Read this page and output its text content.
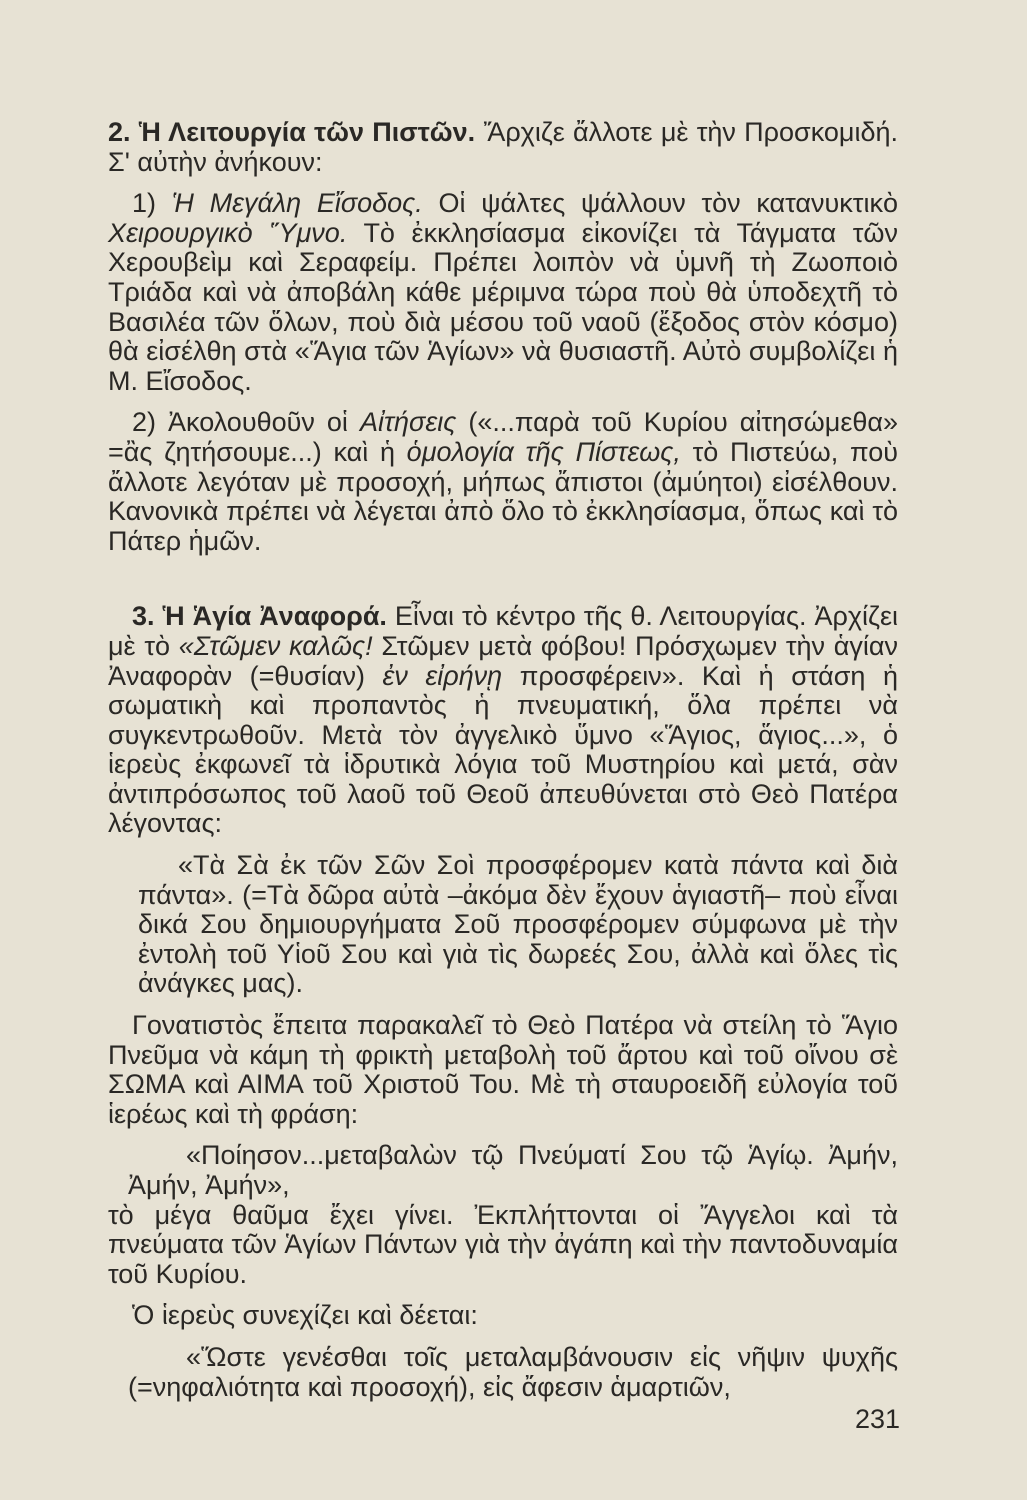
2. Ἡ Λειτουργία τῶν Πιστῶν. Ἄρχιζε ἄλλοτε μὲ τὴν Προσκομιδή. Σ' αὐτὴν ἀνήκουν:

1) Ἡ Μεγάλη Εἴσοδος. Οἱ ψάλτες ψάλλουν τὸν κατανυκτικὸ Χειρουργικὸ Ὕμνο. Τὸ ἐκκλησίασμα εἰκονίζει τὰ Τάγματα τῶν Χερουβεὶμ καὶ Σεραφείμ. Πρέπει λοιπὸν νὰ ὑμνῆ τὴ Ζωοποιὸ Τριάδα καὶ νὰ ἀποβάλη κάθε μέριμνα τώρα ποὺ θὰ ὑποδεχτῆ τὸ Βασιλέα τῶν ὅλων, ποὺ διὰ μέσου τοῦ ναοῦ (ἔξοδος στὸν κόσμο) θὰ εἰσέλθη στὰ «Ἅγια τῶν Ἁγίων» νὰ θυσιαστῆ. Αὐτὸ συμβολίζει ἡ Μ. Εἴσοδος.

2) Ἀκολουθοῦν οἱ Αἰτήσεις («...παρὰ τοῦ Κυρίου αἰτησώμεθα» =ἂς ζητήσουμε...) καὶ ἡ ὁμολογία τῆς Πίστεως, τὸ Πιστεύω, ποὺ ἄλλοτε λεγόταν μὲ προσοχή, μήπως ἄπιστοι (ἀμύητοι) εἰσέλθουν. Κανονικὰ πρέπει νὰ λέγεται ἀπὸ ὅλο τὸ ἐκκλησίασμα, ὅπως καὶ τὸ Πάτερ ἡμῶν.

3. Ἡ Ἁγία Ἀναφορά. Εἶναι τὸ κέντρο τῆς θ. Λειτουργίας. Ἀρχίζει μὲ τὸ «Στῶμεν καλῶς! Στῶμεν μετὰ φόβου! Πρόσχωμεν τὴν ἁγίαν Ἀναφορὰν (=θυσίαν) ἐν εἰρήνῃ προσφέρειν». Καὶ ἡ στάση ἡ σωματικὴ καὶ προπαντὸς ἡ πνευματική, ὅλα πρέπει νὰ συγκεντρωθοῦν. Μετὰ τὸν ἀγγελικὸ ὕμνο «Ἅγιος, ἅγιος...», ὁ ἱερεὺς ἐκφωνεῖ τὰ ἱδρυτικὰ λόγια τοῦ Μυστηρίου καὶ μετά, σὰν ἀντιπρόσωπος τοῦ λαοῦ τοῦ Θεοῦ ἀπευθύνεται στὸ Θεὸ Πατέρα λέγοντας:

«Τὰ Σὰ ἐκ τῶν Σῶν Σοὶ προσφέρομεν κατὰ πάντα καὶ διὰ πάντα». (=Τὰ δῶρα αὐτὰ –ἀκόμα δὲν ἔχουν ἁγιαστῆ– ποὺ εἶναι δικά Σου δημιουργήματα Σοῦ προσφέρομεν σύμφωνα μὲ τὴν ἐντολὴ τοῦ Υἱοῦ Σου καὶ γιὰ τὶς δωρεές Σου, ἀλλὰ καὶ ὅλες τὶς ἀνάγκες μας).

Γονατιστὸς ἔπειτα παρακαλεῖ τὸ Θεὸ Πατέρα νὰ στείλη τὸ Ἅγιο Πνεῦμα νὰ κάμη τὴ φρικτὴ μεταβολὴ τοῦ ἄρτου καὶ τοῦ οἴνου σὲ ΣΩΜΑ καὶ ΑΙΜΑ τοῦ Χριστοῦ Του. Μὲ τὴ σταυροειδῆ εὐλογία τοῦ ἱερέως καὶ τὴ φράση:

«Ποίησον...μεταβαλὼν τῷ Πνεύματί Σου τῷ Ἁγίῳ. Ἀμήν, Ἀμήν, Ἀμήν»,

τὸ μέγα θαῦμα ἔχει γίνει. Ἐκπλήττονται οἱ Ἄγγελοι καὶ τὰ πνεύματα τῶν Ἁγίων Πάντων γιὰ τὴν ἀγάπη καὶ τὴν παντοδυναμία τοῦ Κυρίου.

Ὁ ἱερεὺς συνεχίζει καὶ δέεται:

«Ὥστε γενέσθαι τοῖς μεταλαμβάνουσιν εἰς νῆψιν ψυχῆς (=νηφαλιότητα καὶ προσοχή), εἰς ἄφεσιν ἁμαρτιῶν,

231
